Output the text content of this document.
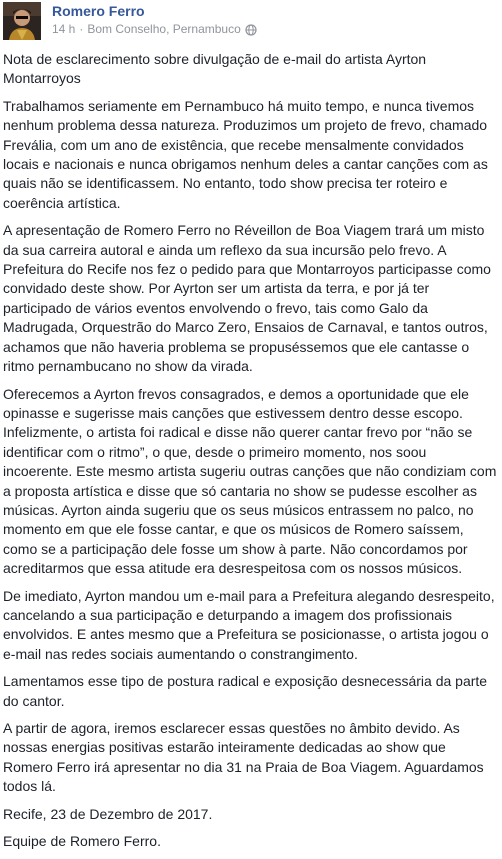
Romero Ferro
14 h · Bom Conselho, Pernambuco

Nota de esclarecimento sobre divulgação de e-mail do artista Ayrton Montarroyos

Trabalhamos seriamente em Pernambuco há muito tempo, e nunca tivemos nenhum problema dessa natureza. Produzimos um projeto de frevo, chamado Frevália, com um ano de existência, que recebe mensalmente convidados locais e nacionais e nunca obrigamos nenhum deles a cantar canções com as quais não se identificassem. No entanto, todo show precisa ter roteiro e coerência artística.

A apresentação de Romero Ferro no Réveillon de Boa Viagem trará um misto da sua carreira autoral e ainda um reflexo da sua incursão pelo frevo. A Prefeitura do Recife nos fez o pedido para que Montarroyos participasse como convidado deste show. Por Ayrton ser um artista da terra, e por já ter participado de vários eventos envolvendo o frevo, tais como Galo da Madrugada, Orquestrão do Marco Zero, Ensaios de Carnaval, e tantos outros, achamos que não haveria problema se propuséssemos que ele cantasse o ritmo pernambucano no show da virada.

Oferecemos a Ayrton frevos consagrados, e demos a oportunidade que ele opinasse e sugerisse mais canções que estivessem dentro desse escopo. Infelizmente, o artista foi radical e disse não querer cantar frevo por “não se identificar com o ritmo”, o que, desde o primeiro momento, nos soou incoerente. Este mesmo artista sugeriu outras canções que não condiziam com a proposta artística e disse que só cantaria no show se pudesse escolher as músicas. Ayrton ainda sugeriu que os seus músicos entrassem no palco, no momento em que ele fosse cantar, e que os músicos de Romero saíssem, como se a participação dele fosse um show à parte. Não concordamos por acreditarmos que essa atitude era desrespeitosa com os nossos músicos.

De imediato, Ayrton mandou um e-mail para a Prefeitura alegando desrespeito, cancelando a sua participação e deturpando a imagem dos profissionais envolvidos. E antes mesmo que a Prefeitura se posicionasse, o artista jogou o e-mail nas redes sociais aumentando o constrangimento.

Lamentamos esse tipo de postura radical e exposição desnecessária da parte do cantor.

A partir de agora, iremos esclarecer essas questões no âmbito devido. As nossas energias positivas estarão inteiramente dedicadas ao show que Romero Ferro irá apresentar no dia 31 na Praia de Boa Viagem. Aguardamos todos lá.

Recife, 23 de Dezembro de 2017.

Equipe de Romero Ferro.
